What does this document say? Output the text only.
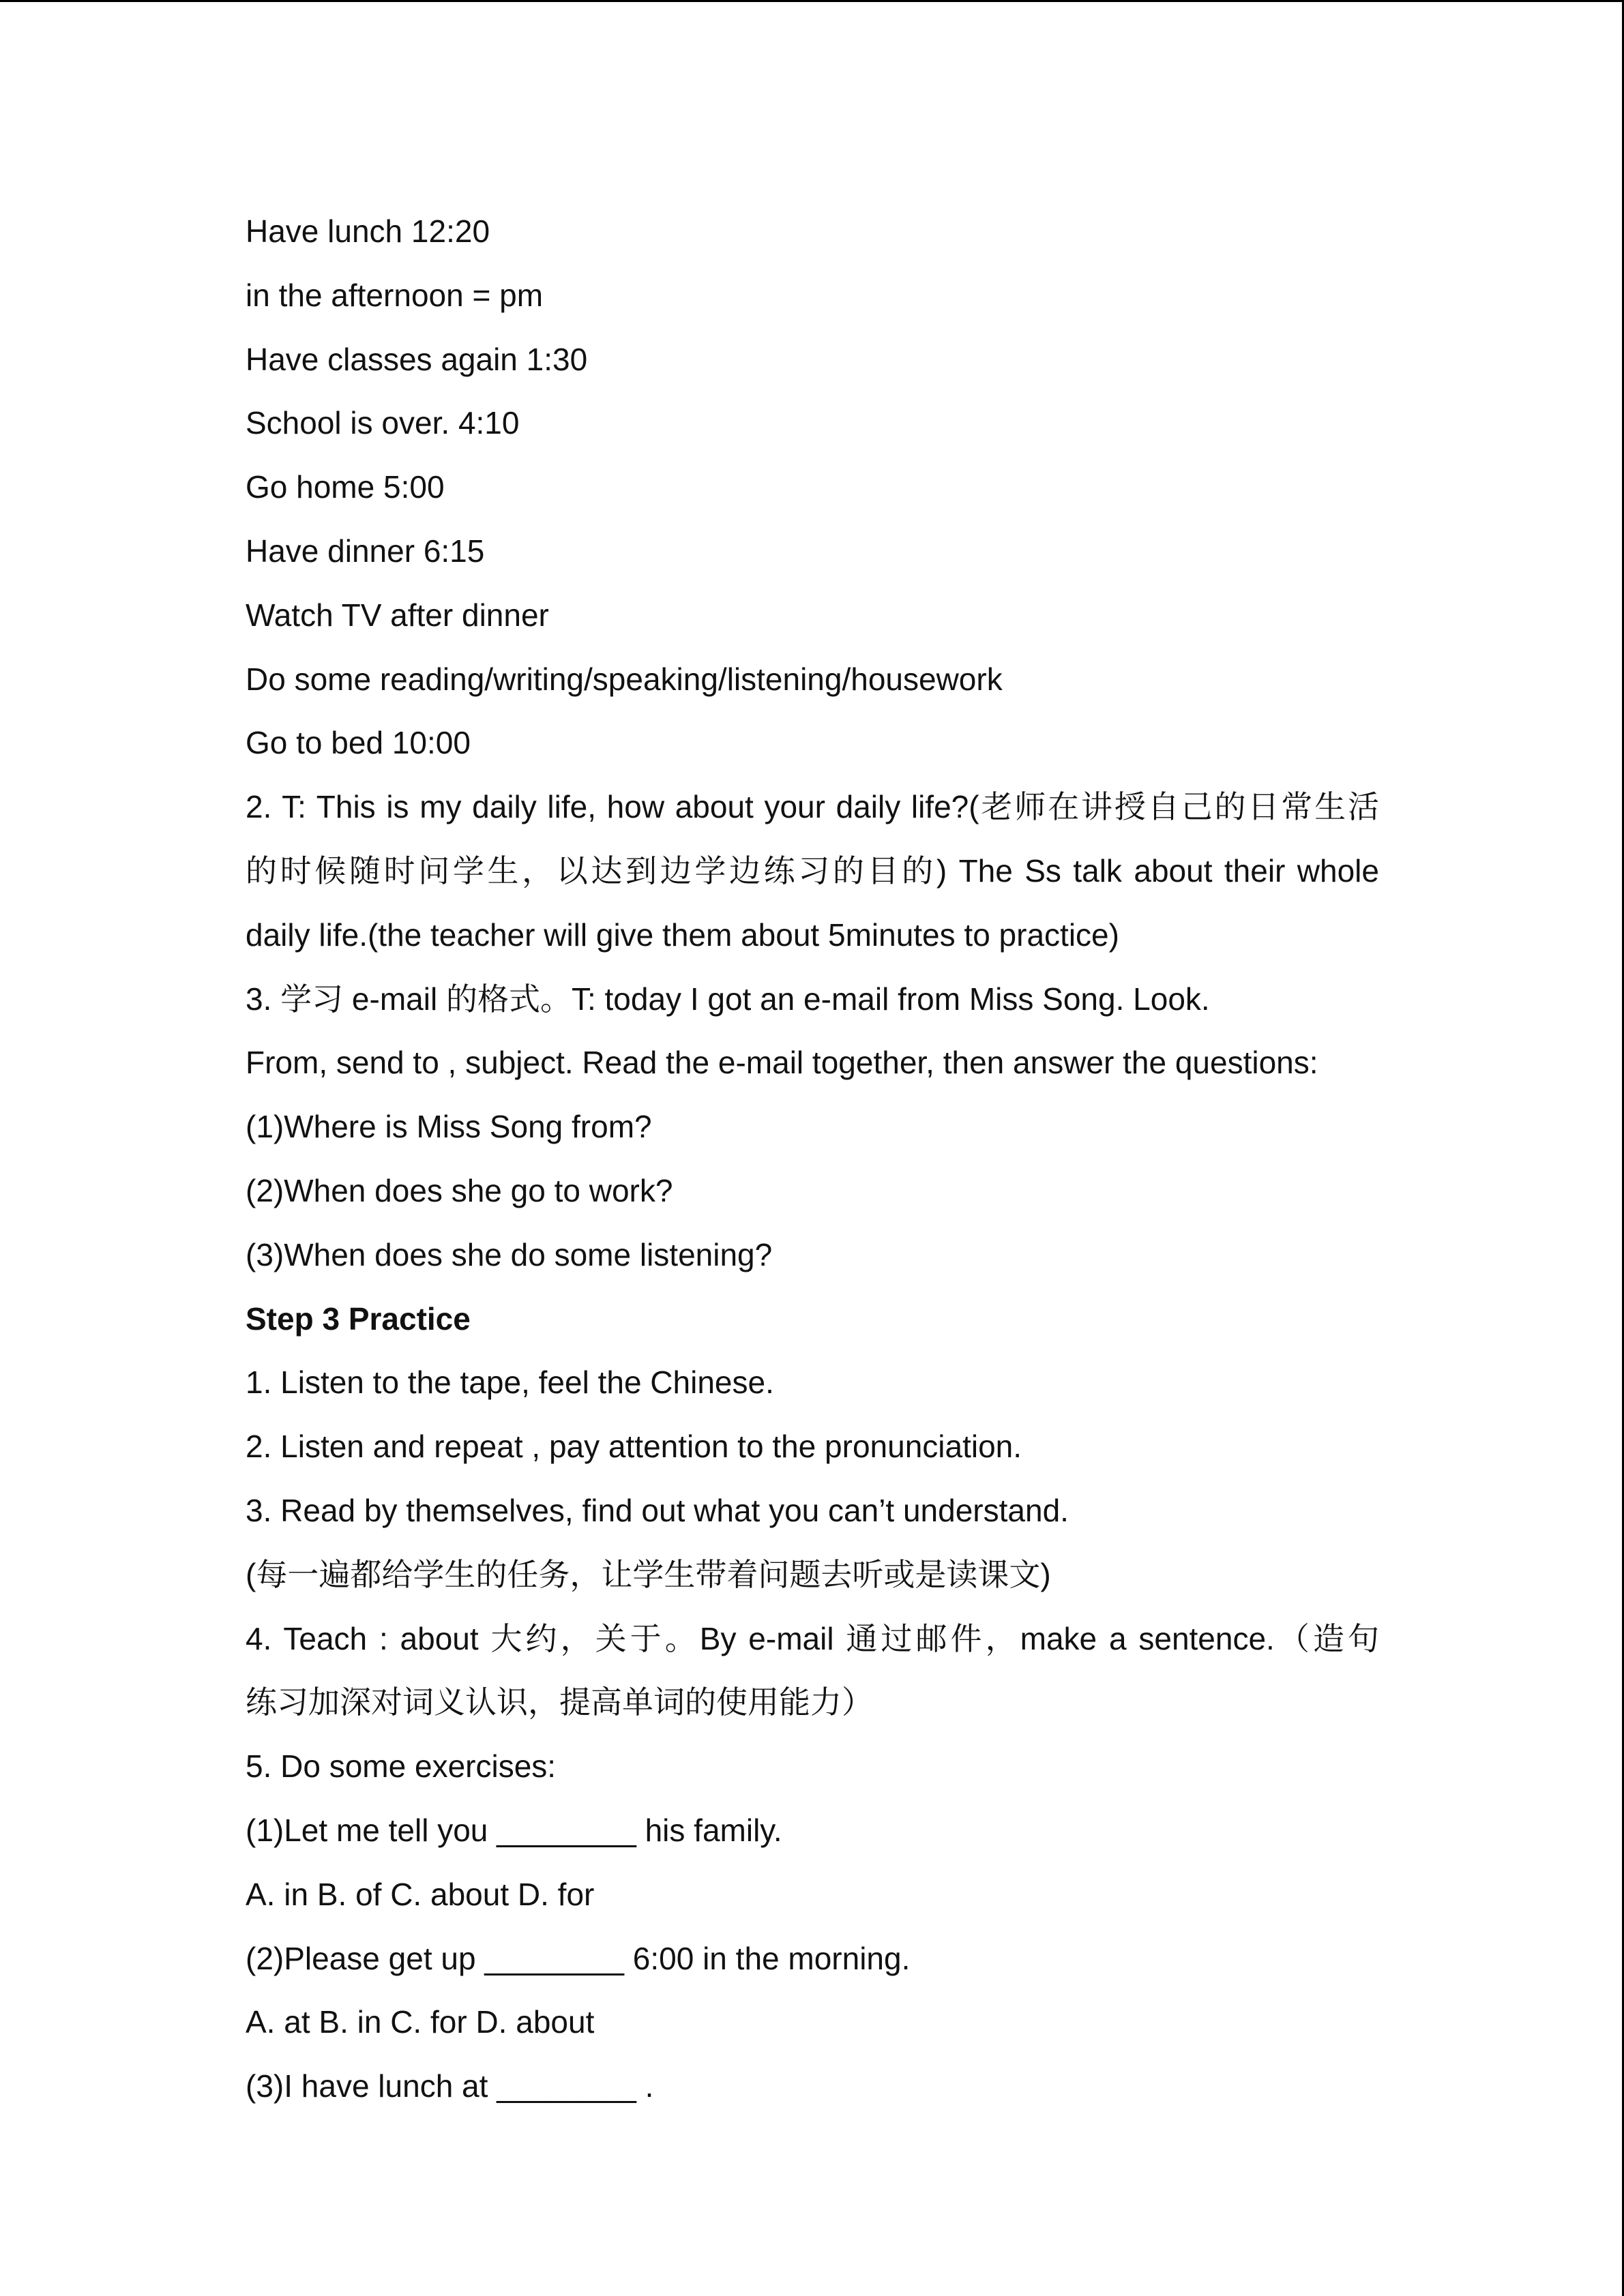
Have lunch 12:20
in the afternoon = pm
Have classes again 1:30
School is over. 4:10
Go home 5:00
Have dinner 6:15
Watch TV after dinner
Do some reading/writing/speaking/listening/housework
Go to bed 10:00
2. T: This is my daily life, how about your daily life?(老师在讲授自己的日常生活
的时候随时问学生，以达到边学边练习的目的) The Ss talk about their whole
daily life.(the teacher will give them about 5minutes to practice)
3. 学习 e-mail 的格式。T: today I got an e-mail from Miss Song. Look.
From, send to , subject. Read the e-mail together, then answer the questions:
(1)Where is Miss Song from?
(2)When does she go to work?
(3)When does she do some listening?
Step 3 Practice
1. Listen to the tape, feel the Chinese.
2. Listen and repeat , pay attention to the pronunciation.
3. Read by themselves, find out what you can’t understand.
(每一遍都给学生的任务，让学生带着问题去听或是读课文)
4. Teach : about 大约，关于。By e-mail 通过邮件，make a sentence.（造句
练习加深对词义认识，提高单词的使用能力）
5. Do some exercises:
(1)Let me tell you ________ his family.
A. in B. of C. about D. for
(2)Please get up ________ 6:00 in the morning.
A. at B. in C. for D. about
(3)I have lunch at ________ .
